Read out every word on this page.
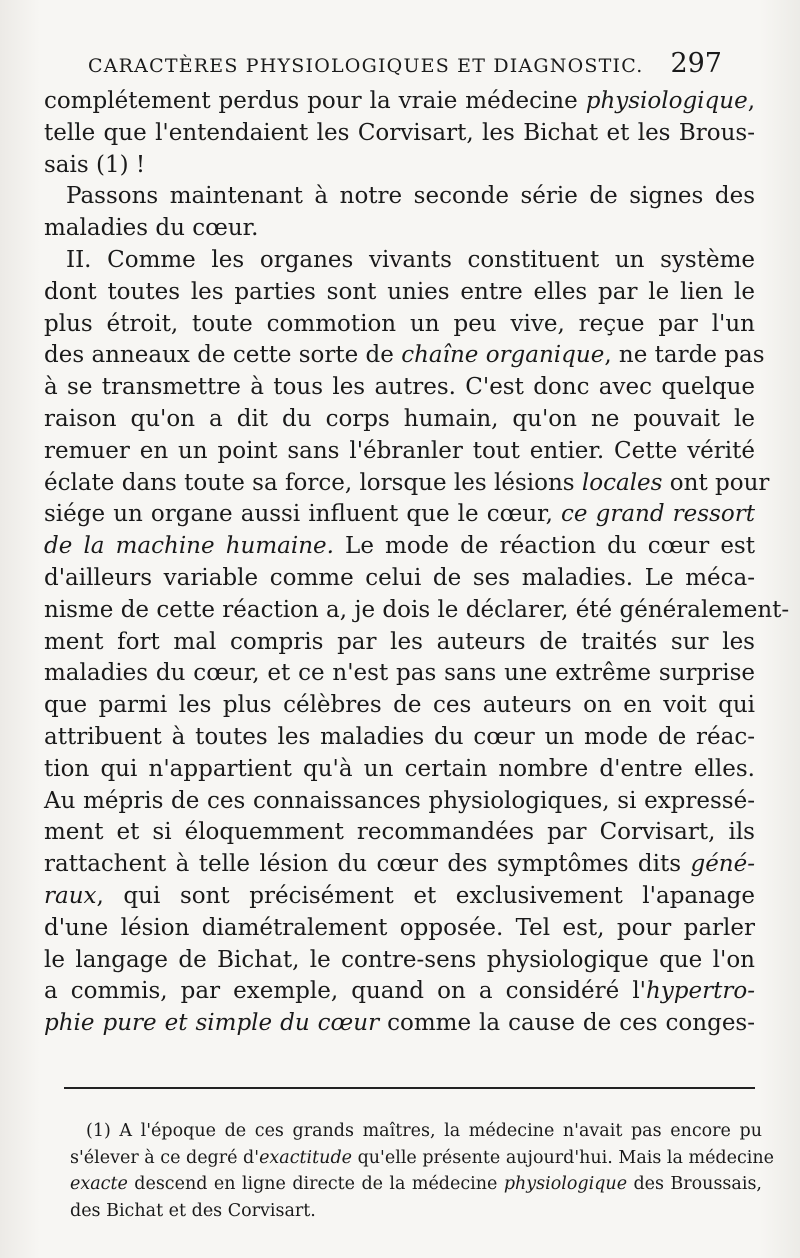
CARACTÈRES PHYSIOLOGIQUES ET DIAGNOSTIC. 297
complétement perdus pour la vraie médecine physiologique,
telle que l'entendaient les Corvisart, les Bichat et les Brous-
sais (1) !
Passons maintenant à notre seconde série de signes des
maladies du cœur.
II. Comme les organes vivants constituent un système
dont toutes les parties sont unies entre elles par le lien le
plus étroit, toute commotion un peu vive, reçue par l'un
des anneaux de cette sorte de chaîne organique, ne tarde pas
à se transmettre à tous les autres. C'est donc avec quelque
raison qu'on a dit du corps humain, qu'on ne pouvait le
remuer en un point sans l'ébranler tout entier. Cette vérité
éclate dans toute sa force, lorsque les lésions locales ont pour
siége un organe aussi influent que le cœur, ce grand ressort
de la machine humaine. Le mode de réaction du cœur est
d'ailleurs variable comme celui de ses maladies. Le méca-
nisme de cette réaction a, je dois le déclarer, été généralement-
ment fort mal compris par les auteurs de traités sur les
maladies du cœur, et ce n'est pas sans une extrême surprise
que parmi les plus célèbres de ces auteurs on en voit qui
attribuent à toutes les maladies du cœur un mode de réac-
tion qui n'appartient qu'à un certain nombre d'entre elles.
Au mépris de ces connaissances physiologiques, si expressé-
ment et si éloquemment recommandées par Corvisart, ils
rattachent à telle lésion du cœur des symptômes dits géné-
raux, qui sont précisément et exclusivement l'apanage
d'une lésion diamétralement opposée. Tel est, pour parler
le langage de Bichat, le contre-sens physiologique que l'on
a commis, par exemple, quand on a considéré l'hypertro-
phie pure et simple du cœur comme la cause de ces conges-
(1) A l'époque de ces grands maîtres, la médecine n'avait pas encore pu
s'élever à ce degré d'exactitude qu'elle présente aujourd'hui. Mais la médecine
exacte descend en ligne directe de la médecine physiologique des Broussais,
des Bichat et des Corvisart.
